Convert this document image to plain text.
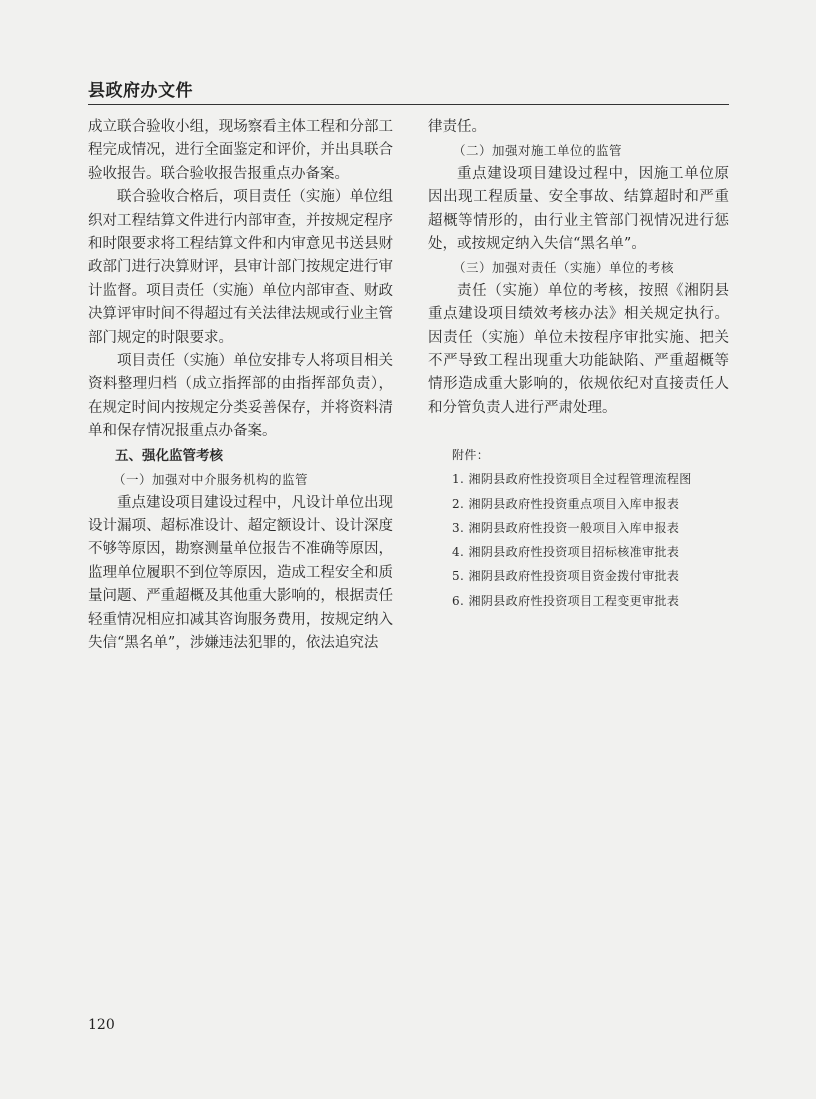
县政府办文件

成立联合验收小组，现场察看主体工程和分部工程完成情况，进行全面鉴定和评价，并出具联合验收报告。联合验收报告报重点办备案。

联合验收合格后，项目责任（实施）单位组织对工程结算文件进行内部审查，并按规定程序和时限要求将工程结算文件和内审意见书送县财政部门进行决算财评，县审计部门按规定进行审计监督。项目责任（实施）单位内部审查、财政决算评审时间不得超过有关法律法规或行业主管部门规定的时限要求。

项目责任（实施）单位安排专人将项目相关资料整理归档（成立指挥部的由指挥部负责），在规定时间内按规定分类妥善保存，并将资料清单和保存情况报重点办备案。

五、强化监管考核

（一）加强对中介服务机构的监管

重点建设项目建设过程中，凡设计单位出现设计漏项、超标准设计、超定额设计、设计深度不够等原因，勘察测量单位报告不准确等原因，监理单位履职不到位等原因，造成工程安全和质量问题、严重超概及其他重大影响的，根据责任轻重情况相应扣减其咨询服务费用，按规定纳入失信“黑名单”，涉嫌违法犯罪的，依法追究法

律责任。

（二）加强对施工单位的监管

重点建设项目建设过程中，因施工单位原因出现工程质量、安全事故、结算超时和严重超概等情形的，由行业主管部门视情况进行惩处，或按规定纳入失信“黑名单”。

（三）加强对责任（实施）单位的考核

责任（实施）单位的考核，按照《湘阴县重点建设项目绩效考核办法》相关规定执行。因责任（实施）单位未按程序审批实施、把关不严导致工程出现重大功能缺陷、严重超概等情形造成重大影响的，依规依纪对直接责任人和分管负责人进行严肃处理。

附件：

1. 湘阴县政府性投资项目全过程管理流程图

2. 湘阴县政府性投资重点项目入库申报表

3. 湘阴县政府性投资一般项目入库申报表

4. 湘阴县政府性投资项目招标核准审批表

5. 湘阴县政府性投资项目资金拨付审批表

6. 湘阴县政府性投资项目工程变更审批表

120
